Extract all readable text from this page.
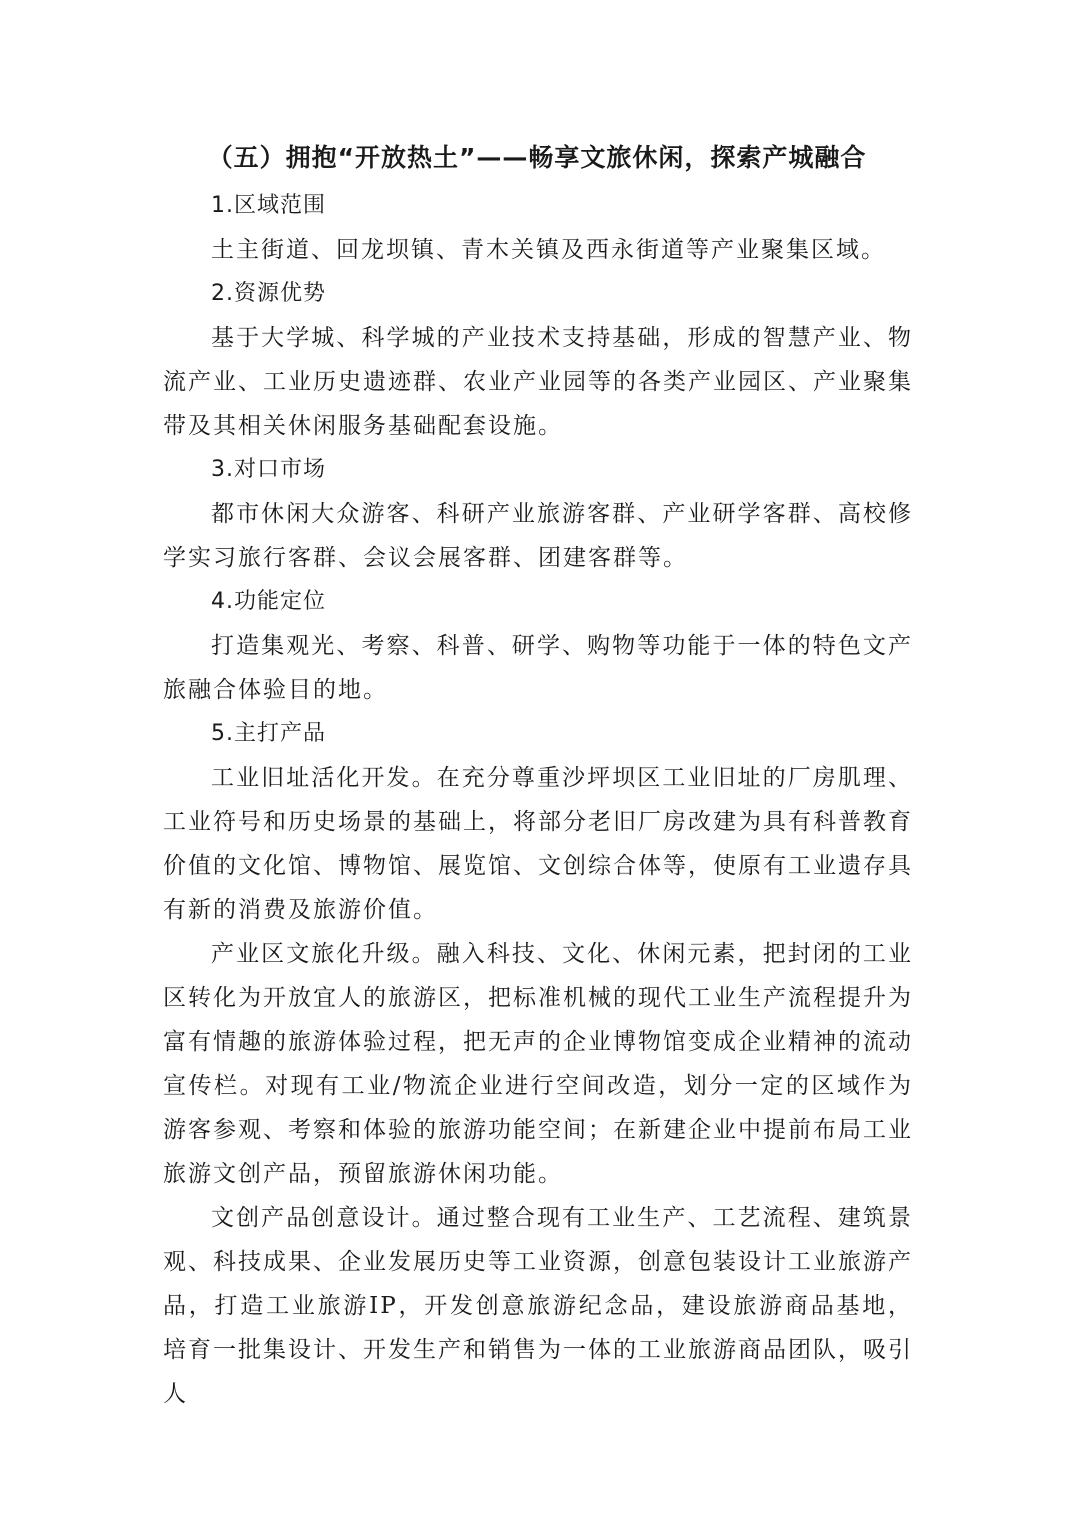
（五）拥抱“开放热土”——畅享文旅休闲，探索产城融合

1.区域范围

土主街道、回龙坝镇、青木关镇及西永街道等产业聚集区域。

2.资源优势

基于大学城、科学城的产业技术支持基础，形成的智慧产业、物流产业、工业历史遗迹群、农业产业园等的各类产业园区、产业聚集带及其相关休闲服务基础配套设施。

3.对口市场

都市休闲大众游客、科研产业旅游客群、产业研学客群、高校修学实习旅行客群、会议会展客群、团建客群等。

4.功能定位

打造集观光、考察、科普、研学、购物等功能于一体的特色文产旅融合体验目的地。

5.主打产品

工业旧址活化开发。在充分尊重沙坪坝区工业旧址的厂房肌理、工业符号和历史场景的基础上，将部分老旧厂房改建为具有科普教育价值的文化馆、博物馆、展览馆、文创综合体等，使原有工业遗存具有新的消费及旅游价值。

产业区文旅化升级。融入科技、文化、休闲元素，把封闭的工业区转化为开放宜人的旅游区，把标准机械的现代工业生产流程提升为富有情趣的旅游体验过程，把无声的企业博物馆变成企业精神的流动宣传栏。对现有工业/物流企业进行空间改造，划分一定的区域作为游客参观、考察和体验的旅游功能空间；在新建企业中提前布局工业旅游文创产品，预留旅游休闲功能。

文创产品创意设计。通过整合现有工业生产、工艺流程、建筑景观、科技成果、企业发展历史等工业资源，创意包装设计工业旅游产品，打造工业旅游IP，开发创意旅游纪念品，建设旅游商品基地，培育一批集设计、开发生产和销售为一体的工业旅游商品团队，吸引人
